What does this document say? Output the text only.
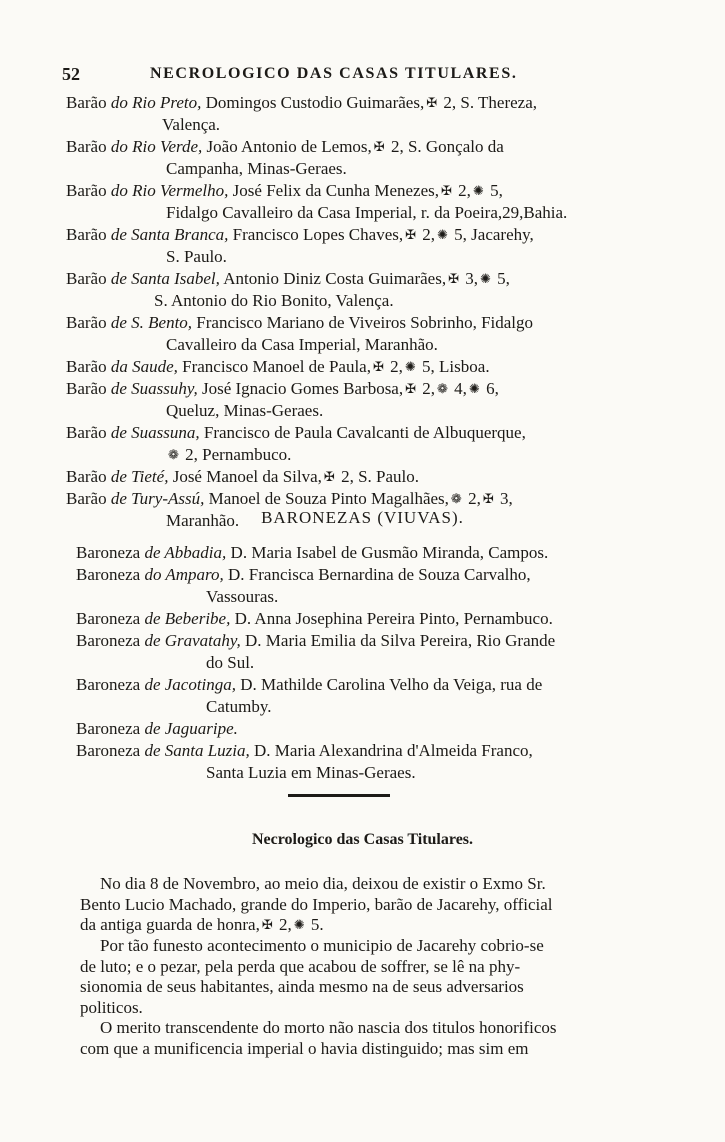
52	NECROLOGICO DAS CASAS TITULARES.
Barão do Rio Preto, Domingos Custodio Guimarães, ✠ 2, S. Thereza,
Valença.
Barão do Rio Verde, João Antonio de Lemos, ✠ 2, S. Gonçalo da
Campanha, Minas-Geraes.
Barão do Rio Vermelho, José Felix da Cunha Menezes, ✠ 2, ✺ 5,
Fidalgo Cavalleiro da Casa Imperial, r. da Poeira,29,Bahia.
Barão de Santa Branca, Francisco Lopes Chaves, ✠ 2, ✺ 5, Jacarehy,
S. Paulo.
Barão de Santa Isabel, Antonio Diniz Costa Guimarães, ✠ 3, ✺ 5,
S. Antonio do Rio Bonito, Valença.
Barão de S. Bento, Francisco Mariano de Viveiros Sobrinho, Fidalgo
Cavalleiro da Casa Imperial, Maranhão.
Barão da Saude, Francisco Manoel de Paula, ✠ 2, ✺ 5, Lisboa.
Barão de Suassuhy, José Ignacio Gomes Barbosa, ✠ 2, ❁ 4, ✺ 6,
Queluz, Minas-Geraes.
Barão de Suassuna, Francisco de Paula Cavalcanti de Albuquerque,
❁ 2, Pernambuco.
Barão de Tieté, José Manoel da Silva, ✠ 2, S. Paulo.
Barão de Tury-Assú, Manoel de Souza Pinto Magalhães, ❁ 2, ✠ 3,
Maranhão.	BARONEZAS (VIUVAS).
Baroneza de Abbadia, D. Maria Isabel de Gusmão Miranda, Campos.
Baroneza do Amparo, D. Francisca Bernardina de Souza Carvalho,
Vassouras.
Baroneza de Beberibe, D. Anna Josephina Pereira Pinto, Pernambuco.
Baroneza de Gravatahy, D. Maria Emilia da Silva Pereira, Rio Grande
do Sul.
Baroneza de Jacotinga, D. Mathilde Carolina Velho da Veiga, rua de
Catumby.
Baroneza de Jaguaripe.
Baroneza de Santa Luzia, D. Maria Alexandrina d'Almeida Franco,
Santa Luzia em Minas-Geraes.
Necrologico das Casas Titulares.

No dia 8 de Novembro, ao meio dia, deixou de existir o Exmo Sr.

Bento Lucio Machado, grande do Imperio, barão de Jacarehy, official

da antiga guarda de honra, ✠ 2, ✺ 5.

Por tão funesto acontecimento o municipio de Jacarehy cobrio-se

de luto; e o pezar, pela perda que acabou de soffrer, se lê na phy-

sionomia de seus habitantes, ainda mesmo na de seus adversarios

politicos.

O merito transcendente do morto não nascia dos titulos honorificos

com que a munificencia imperial o havia distinguido; mas sim em
